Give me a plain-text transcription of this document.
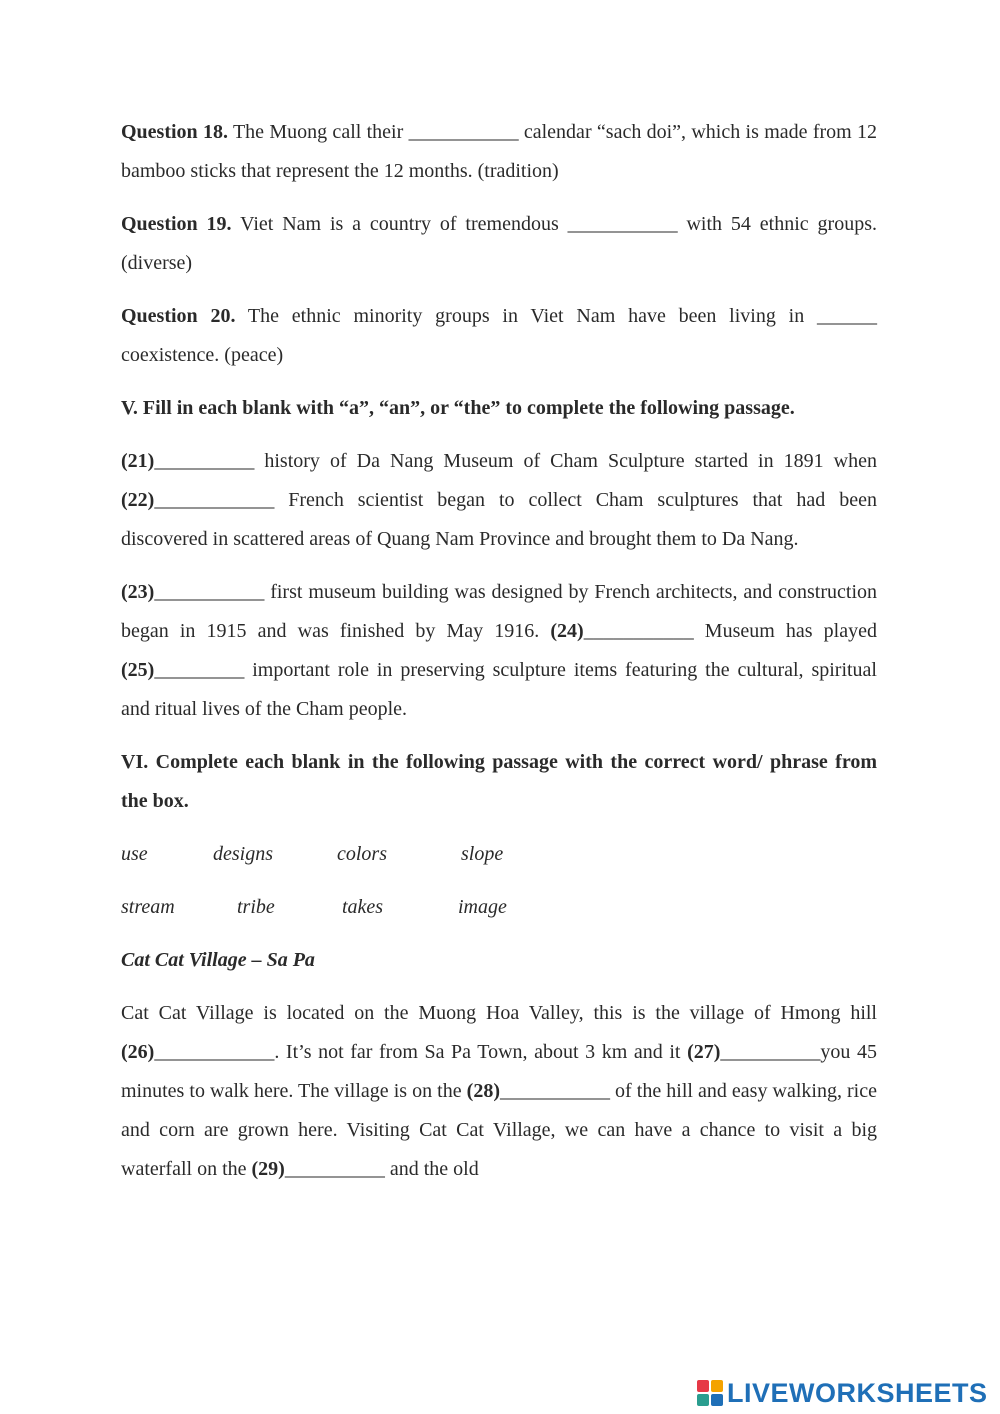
Question 18. The Muong call their ___________ calendar “sach doi”, which is made from 12 bamboo sticks that represent the 12 months. (tradition)

Question 19. Viet Nam is a country of tremendous ___________ with 54 ethnic groups. (diverse)

Question 20. The ethnic minority groups in Viet Nam have been living in ______ coexistence. (peace)

V. Fill in each blank with “a”, “an”, or “the” to complete the following passage.

(21)__________ history of Da Nang Museum of Cham Sculpture started in 1891 when (22)____________ French scientist began to collect Cham sculptures that had been discovered in scattered areas of Quang Nam Province and brought them to Da Nang.

(23)___________ first museum building was designed by French architects, and construction began in 1915 and was finished by May 1916. (24)___________ Museum has played (25)_________ important role in preserving sculpture items featuring the cultural, spiritual and ritual lives of the Cham people.

VI. Complete each blank in the following passage with the correct word/ phrase from the box.

use	designs	colors	slope
stream	tribe	takes	image

Cat Cat Village – Sa Pa

Cat Cat Village is located on the Muong Hoa Valley, this is the village of Hmong hill (26)____________. It’s not far from Sa Pa Town, about 3 km and it (27)__________you 45 minutes to walk here. The village is on the (28)___________ of the hill and easy walking, rice and corn are grown here. Visiting Cat Cat Village, we can have a chance to visit a big waterfall on the (29)__________ and the old

LIVEWORKSHEETS
